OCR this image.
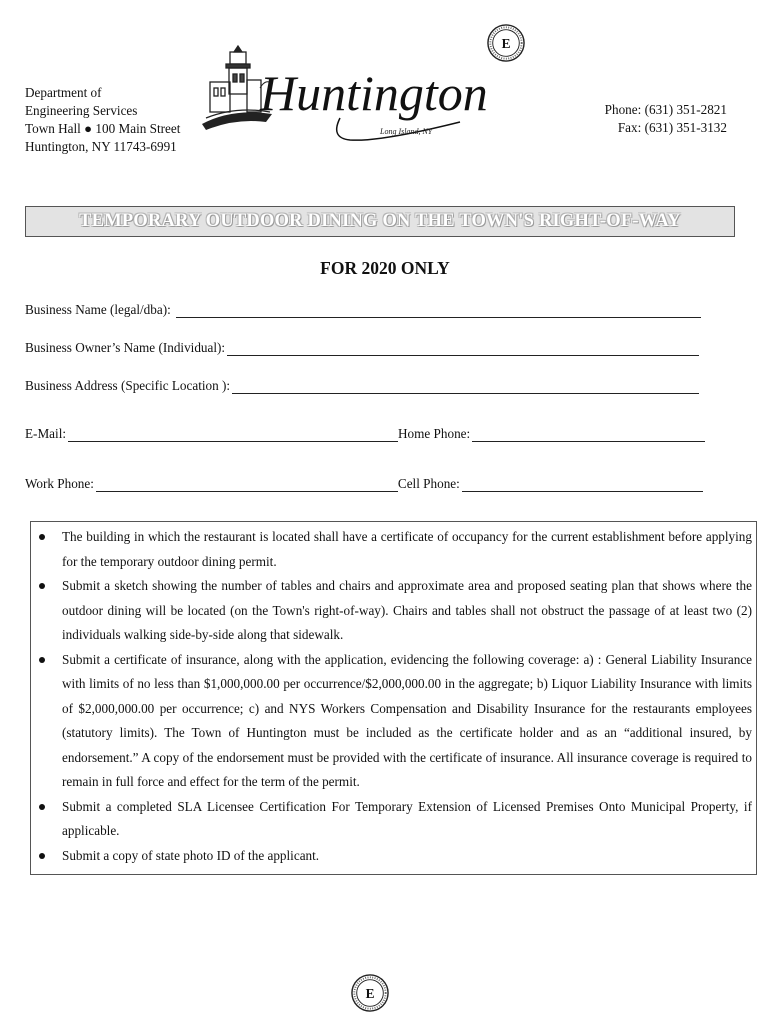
Department of
Engineering Services
Town Hall ● 100 Main Street
Huntington, NY 11743-6991
Huntington
Long Island, NY
E
Phone: (631) 351-2821
Fax: (631) 351-3132
TEMPORARY OUTDOOR DINING ON THE TOWN'S RIGHT-OF-WAY
FOR 2020 ONLY
Business Name (legal/dba):
Business Owner’s Name (Individual):
Business Address (Specific Location ):
E-Mail:	Home Phone:
Work Phone:	Cell Phone:
The building in which the restaurant is located shall have a certificate of occupancy for the current establishment before applying for the temporary outdoor dining permit.
Submit a sketch showing the number of tables and chairs and approximate area and proposed seating plan that shows where the outdoor dining will be located (on the Town's right-of-way). Chairs and tables shall not obstruct the passage of at least two (2) individuals walking side-by-side along that sidewalk.
Submit a certificate of insurance, along with the application, evidencing the following coverage: a) : General Liability Insurance with limits of no less than $1,000,000.00 per occurrence/$2,000,000.00 in the aggregate; b) Liquor Liability Insurance with limits of $2,000,000.00 per occurrence; c) and NYS Workers Compensation and Disability Insurance for the restaurants employees (statutory limits). The Town of Huntington must be included as the certificate holder and as an “additional insured, by endorsement.” A copy of the endorsement must be provided with the certificate of insurance. All insurance coverage is required to remain in full force and effect for the term of the permit.
Submit a completed SLA Licensee Certification For Temporary Extension of Licensed Premises Onto Municipal Property, if applicable.
Submit a copy of state photo ID of the applicant.
E
